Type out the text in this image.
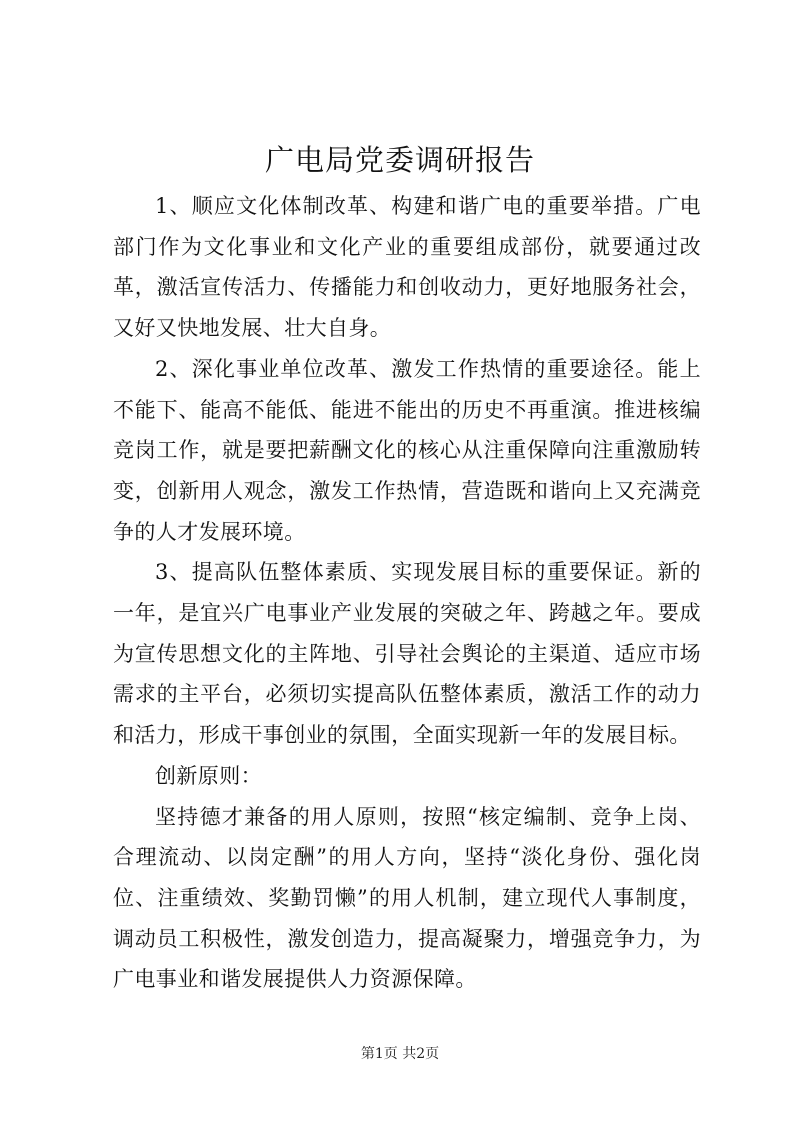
广电局党委调研报告

1、顺应文化体制改革、构建和谐广电的重要举措。广电部门作为文化事业和文化产业的重要组成部份，就要通过改革，激活宣传活力、传播能力和创收动力，更好地服务社会，又好又快地发展、壮大自身。

2、深化事业单位改革、激发工作热情的重要途径。能上不能下、能高不能低、能进不能出的历史不再重演。推进核编竞岗工作，就是要把薪酬文化的核心从注重保障向注重激励转变，创新用人观念，激发工作热情，营造既和谐向上又充满竞争的人才发展环境。

3、提高队伍整体素质、实现发展目标的重要保证。新的一年，是宜兴广电事业产业发展的突破之年、跨越之年。要成为宣传思想文化的主阵地、引导社会舆论的主渠道、适应市场需求的主平台，必须切实提高队伍整体素质，激活工作的动力和活力，形成干事创业的氛围，全面实现新一年的发展目标。

创新原则：

坚持德才兼备的用人原则，按照“核定编制、竞争上岗、合理流动、以岗定酬”的用人方向，坚持“淡化身份、强化岗位、注重绩效、奖勤罚懒”的用人机制，建立现代人事制度，调动员工积极性，激发创造力，提高凝聚力，增强竞争力，为广电事业和谐发展提供人力资源保障。

第1页 共2页
